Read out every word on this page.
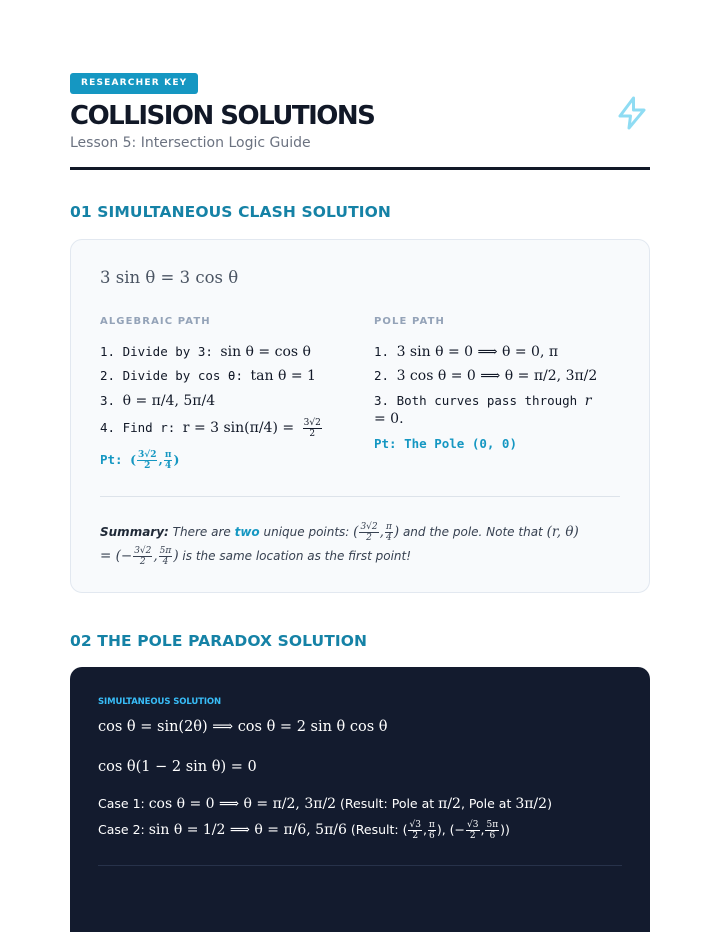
RESEARCHER KEY
COLLISION SOLUTIONS
Lesson 5: Intersection Logic Guide
01 SIMULTANEOUS CLASH SOLUTION
3 sin θ = 3 cos θ
ALGEBRAIC PATH	POLE PATH
1. Divide by 3: sin θ = cos θ
2. Divide by cos θ: tan θ = 1
3. θ = π/4, 5π/4
4. Find r: r = 3 $\sin(\pi/4) = \frac{3√2}{2}$
Pt: ( $\frac{3√2}{2}$ , $\frac{\pi}{4}$ )
1. 3 sin θ = 0 ⟹ θ = 0, π
2. 3 cos θ = 0 ⟹ θ = π/2, 3π/2
3. Both curves pass through r
= 0.
Pt: The Pole (0, 0)
Summary: There are two unique points: ( $\frac{3√2}{2}$ , $\frac{\pi}{4}$ ) and the pole. Note that (r, θ)
= (− $\frac{3√2}{2}$ , $\frac{5\pi}{4}$ ) is the same location as the first point!
02 THE POLE PARADOX SOLUTION
SIMULTANEOUS SOLUTION
cos θ = sin(2θ) ⟹ cos θ = 2 sin θ cos θ
cos θ(1 − 2 sin θ) = 0
Case 1: cos θ = 0 ⟹ θ = π/2, 3π/2 (Result: Pole at π/2, Pole at 3π/2)
Case 2: sin θ = 1/2 ⟹ θ = π/6, 5π/6 (Result: ( $\frac{√3}{2}$ , $\frac{\pi}{6}$ ), (− $\frac{√3}{2}$ , $\frac{5\pi}{6}$ ))
